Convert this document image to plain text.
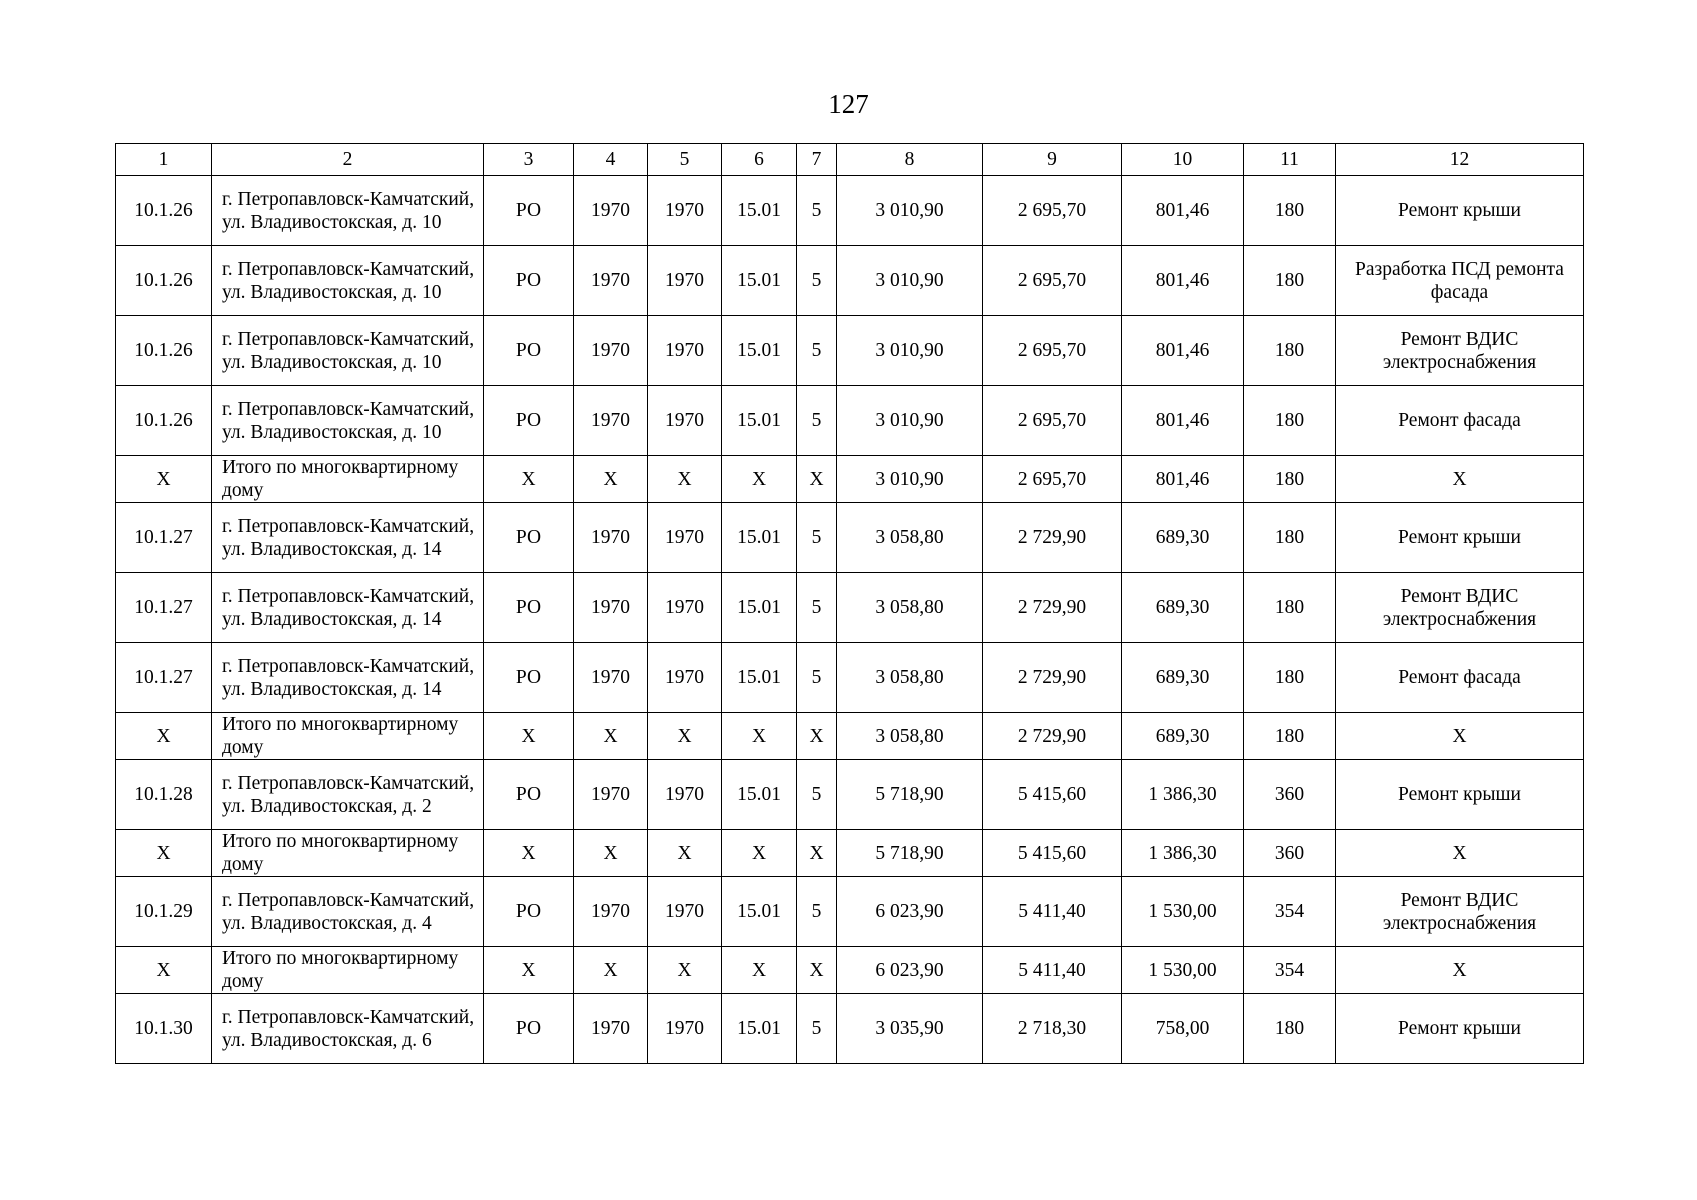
127
1	2	3	4	5	6	7	8	9	10	11	12
10.1.26	г. Петропавловск-Камчатский, ул. Владивостокская, д. 10	РО	1970	1970	15.01	5	3 010,90	2 695,70	801,46	180	Ремонт крыши
10.1.26	г. Петропавловск-Камчатский, ул. Владивостокская, д. 10	РО	1970	1970	15.01	5	3 010,90	2 695,70	801,46	180	Разработка ПСД ремонта фасада
10.1.26	г. Петропавловск-Камчатский, ул. Владивостокская, д. 10	РО	1970	1970	15.01	5	3 010,90	2 695,70	801,46	180	Ремонт ВДИС электроснабжения
10.1.26	г. Петропавловск-Камчатский, ул. Владивостокская, д. 10	РО	1970	1970	15.01	5	3 010,90	2 695,70	801,46	180	Ремонт фасада
X	Итого по многоквартирному дому	X	X	X	X	X	3 010,90	2 695,70	801,46	180	X
10.1.27	г. Петропавловск-Камчатский, ул. Владивостокская, д. 14	РО	1970	1970	15.01	5	3 058,80	2 729,90	689,30	180	Ремонт крыши
10.1.27	г. Петропавловск-Камчатский, ул. Владивостокская, д. 14	РО	1970	1970	15.01	5	3 058,80	2 729,90	689,30	180	Ремонт ВДИС электроснабжения
10.1.27	г. Петропавловск-Камчатский, ул. Владивостокская, д. 14	РО	1970	1970	15.01	5	3 058,80	2 729,90	689,30	180	Ремонт фасада
X	Итого по многоквартирному дому	X	X	X	X	X	3 058,80	2 729,90	689,30	180	X
10.1.28	г. Петропавловск-Камчатский, ул. Владивостокская, д. 2	РО	1970	1970	15.01	5	5 718,90	5 415,60	1 386,30	360	Ремонт крыши
X	Итого по многоквартирному дому	X	X	X	X	X	5 718,90	5 415,60	1 386,30	360	X
10.1.29	г. Петропавловск-Камчатский, ул. Владивостокская, д. 4	РО	1970	1970	15.01	5	6 023,90	5 411,40	1 530,00	354	Ремонт ВДИС электроснабжения
X	Итого по многоквартирному дому	X	X	X	X	X	6 023,90	5 411,40	1 530,00	354	X
10.1.30	г. Петропавловск-Камчатский, ул. Владивостокская, д. 6	РО	1970	1970	15.01	5	3 035,90	2 718,30	758,00	180	Ремонт крыши
